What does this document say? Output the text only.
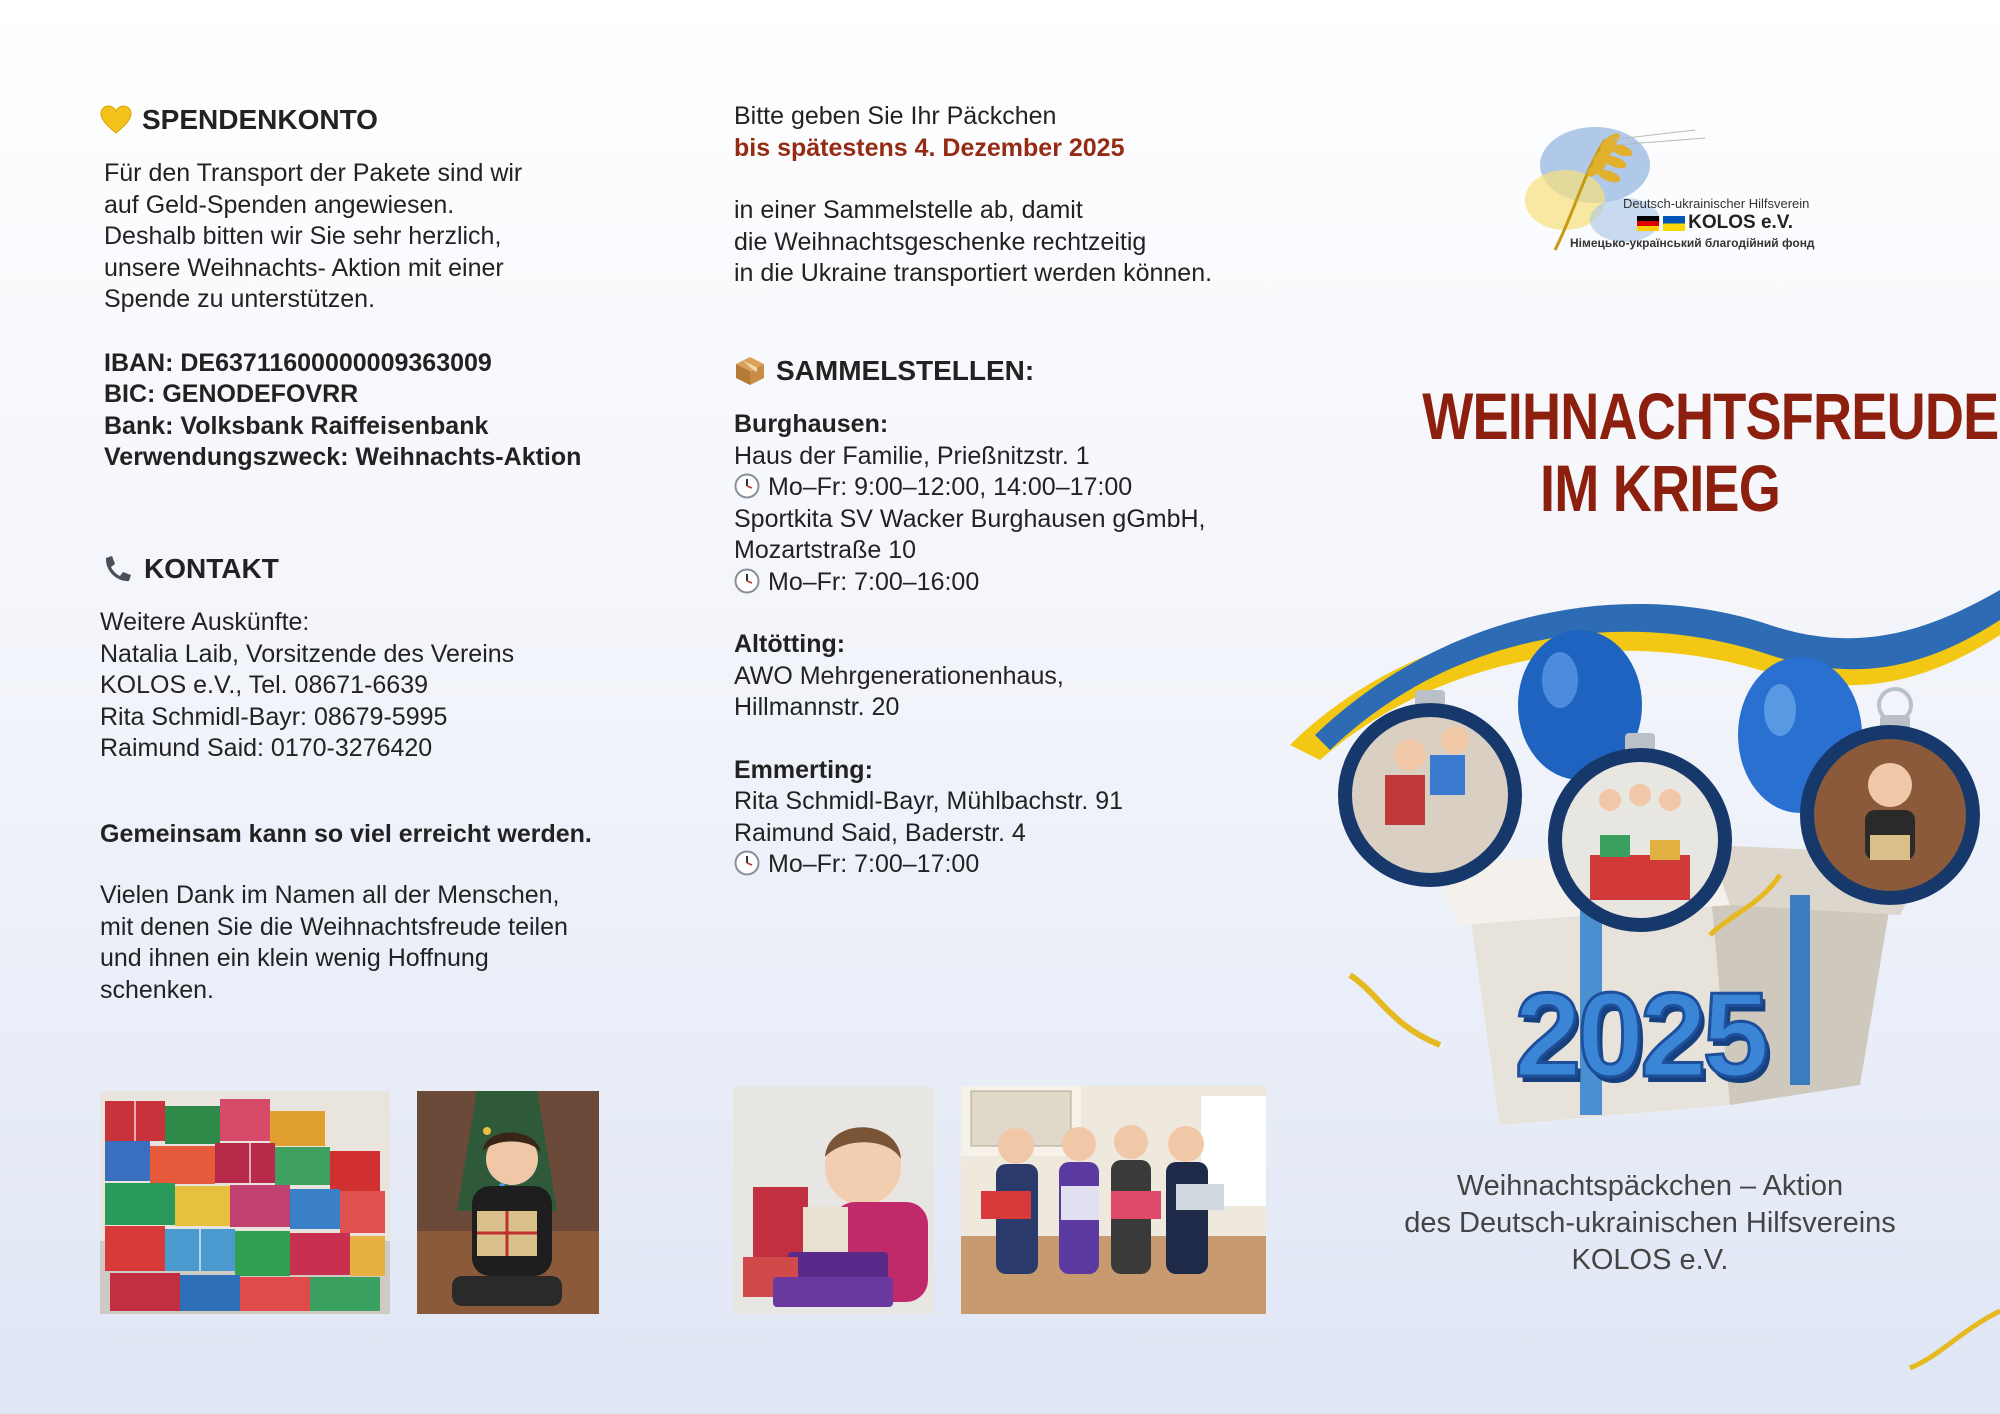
SPENDENKONTO

Für den Transport der Pakete sind wir

auf Geld-Spenden angewiesen.

Deshalb bitten wir Sie sehr herzlich,

unsere Weihnachts- Aktion mit einer

Spende zu unterstützen.

IBAN: DE63711600000009363009

BIC: GENODEFOVRR

Bank: Volksbank Raiffeisenbank

Verwendungszweck: Weihnachts-Aktion

KONTAKT

Weitere Auskünfte:

Natalia Laib, Vorsitzende des Vereins

KOLOS e.V., Tel. 08671-6639

Rita Schmidl-Bayr: 08679-5995

Raimund Said: 0170-3276420

Gemeinsam kann so viel erreicht werden.

Vielen Dank im Namen all der Menschen,

mit denen Sie die Weihnachtsfreude teilen

und ihnen ein klein wenig Hoffnung

schenken.

Bitte geben Sie Ihr Päckchen

bis spätestens 4. Dezember 2025

in einer Sammelstelle ab, damit

die Weihnachtsgeschenke rechtzeitig

in die Ukraine transportiert werden können.

SAMMELSTELLEN:

Burghausen:

Haus der Familie, Prießnitzstr. 1

Mo–Fr: 9:00–12:00, 14:00–17:00

Sportkita SV Wacker Burghausen gGmbH,

Mozartstraße 10

Mo–Fr: 7:00–16:00

Altötting:

AWO Mehrgenerationenhaus,

Hillmannstr. 20

Emmerting:

Rita Schmidl-Bayr, Mühlbachstr. 91

Raimund Said, Baderstr. 4

Mo–Fr: 7:00–17:00

Deutsch-ukrainischer Hilfsverein
KOLOS e.V.
Німецько-український благодійний фонд
WEIHNACHTSFREUDE
IM KRIEG
2025
Weihnachtspäckchen – Aktion
des Deutsch-ukrainischen Hilfsvereins
KOLOS e.V.
